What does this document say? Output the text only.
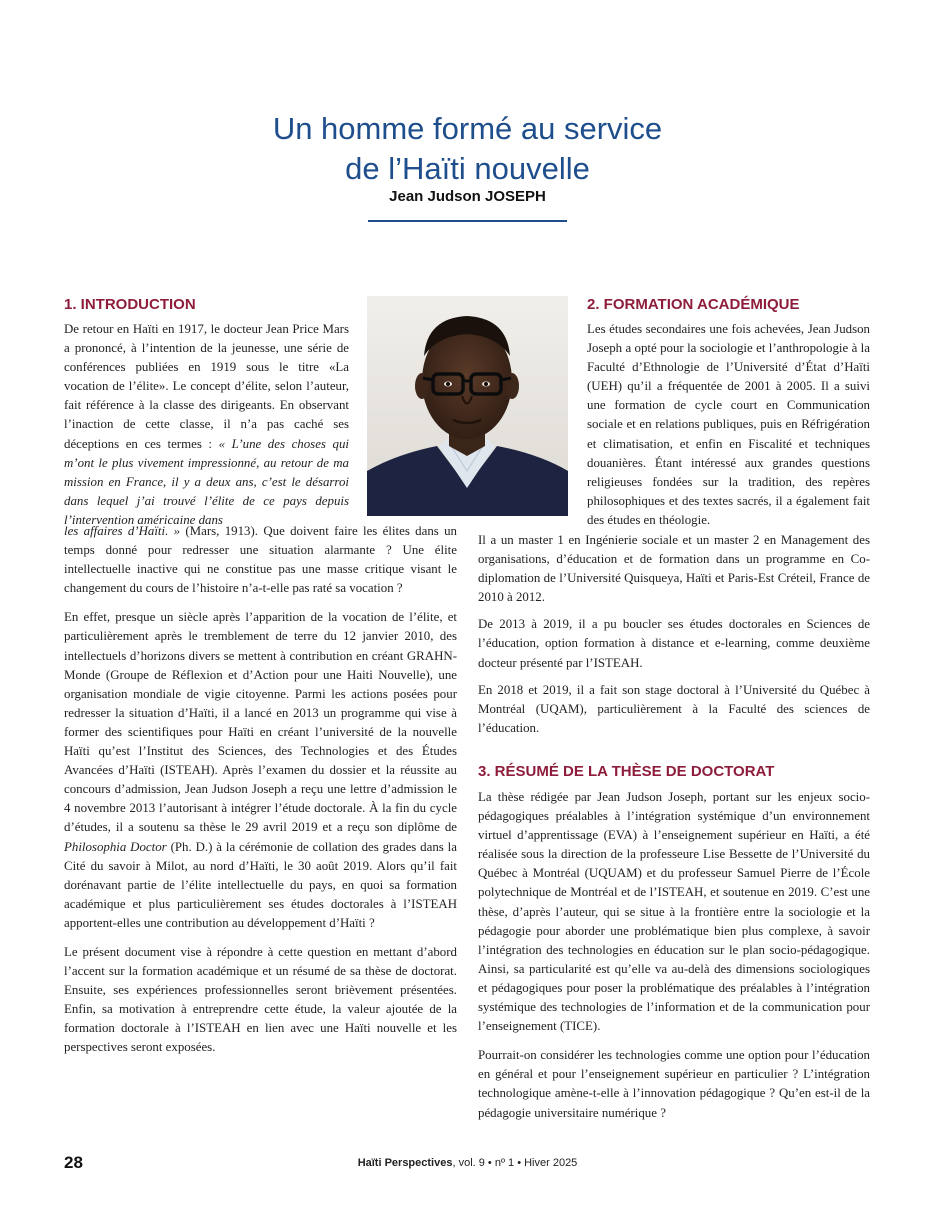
Un homme formé au service
de l’Haïti nouvelle
Jean Judson JOSEPH
1. INTRODUCTION

De retour en Haïti en 1917, le docteur Jean Price Mars a prononcé, à l’intention de la jeunesse, une série de conférences publiées en 1919 sous le titre «La vocation de l’élite». Le concept d’élite, selon l’auteur, fait référence à la classe des dirigeants. En observant l’inaction de cette classe, il n’a pas caché ses déceptions en ces termes : « L’une des choses qui m’ont le plus vivement impressionné, au retour de ma mission en France, il y a deux ans, c’est le désarroi dans lequel j’ai trouvé l’élite de ce pays depuis l’intervention américaine dans

les affaires d’Haïti. » (Mars, 1913). Que doivent faire les élites dans un temps donné pour redresser une situation alarmante ? Une élite intellectuelle inactive qui ne constitue pas une masse critique visant le changement du cours de l’histoire n’a-t-elle pas raté sa vocation ?

En effet, presque un siècle après l’apparition de la vocation de l’élite, et particulièrement après le tremblement de terre du 12 janvier 2010, des intellectuels d’horizons divers se mettent à contribution en créant GRAHN-Monde (Groupe de Réflexion et d’Action pour une Haiti Nouvelle), une organisation mondiale de vigie citoyenne. Parmi les actions posées pour redresser la situation d’Haïti, il a lancé en 2013 un programme qui vise à former des scientifiques pour Haïti en créant l’université de la nouvelle Haïti qu’est l’Institut des Sciences, des Technologies et des Études Avancées d’Haïti (ISTEAH). Après l’examen du dossier et la réussite au concours d’admission, Jean Judson Joseph a reçu une lettre d’admission le 4 novembre 2013 l’autorisant à intégrer l’étude doctorale. À la fin du cycle d’études, il a soutenu sa thèse le 29 avril 2019 et a reçu son diplôme de Philosophia Doctor (Ph. D.) à la cérémonie de collation des grades dans la Cité du savoir à Milot, au nord d’Haïti, le 30 août 2019. Alors qu’il fait dorénavant partie de l’élite intellectuelle du pays, en quoi sa formation académique et plus particulièrement ses études doctorales à l’ISTEAH apportent-elles une contribution au développement d’Haïti ?

Le présent document vise à répondre à cette question en mettant d’abord l’accent sur la formation académique et un résumé de sa thèse de doctorat. Ensuite, ses expériences professionnelles seront brièvement présentées. Enfin, sa motivation à entreprendre cette étude, la valeur ajoutée de la formation doctorale à l’ISTEAH en lien avec une Haïti nouvelle et les perspectives seront exposées.

2. FORMATION ACADÉMIQUE

Les études secondaires une fois achevées, Jean Judson Joseph a opté pour la sociologie et l’anthropologie à la Faculté d’Ethnologie de l’Université d’État d’Haïti (UEH) qu’il a fréquentée de 2001 à 2005. Il a suivi une formation de cycle court en Communication sociale et en relations publiques, puis en Réfrigération et climatisation, et enfin en Fiscalité et techniques douanières. Étant intéressé aux grandes questions religieuses fondées sur la tradition, des repères philosophiques et des textes sacrés, il a également fait des études en théologie.

Il a un master 1 en Ingénierie sociale et un master 2 en Management des organisations, d’éducation et de formation dans un programme en Co-diplomation de l’Université Quisqueya, Haïti et Paris-Est Créteil, France de 2010 à 2012.

De 2013 à 2019, il a pu boucler ses études doctorales en Sciences de l’éducation, option formation à distance et e-learning, comme deuxième docteur présenté par l’ISTEAH.

En 2018 et 2019, il a fait son stage doctoral à l’Université du Québec à Montréal (UQAM), particulièrement à la Faculté des sciences de l’éducation.

3. RÉSUMÉ DE LA THÈSE DE DOCTORAT

La thèse rédigée par Jean Judson Joseph, portant sur les enjeux socio-pédagogiques préalables à l’intégration systémique d’un environnement virtuel d’apprentissage (EVA) à l’enseignement supérieur en Haïti, a été réalisée sous la direction de la professeure Lise Bessette de l’Université du Québec à Montréal (UQUAM) et du professeur Samuel Pierre de l’École polytechnique de Montréal et de l’ISTEAH, et soutenue en 2019. C’est une thèse, d’après l’auteur, qui se situe à la frontière entre la sociologie et la pédagogie pour aborder une problématique bien plus complexe, à savoir l’intégration des technologies en éducation sur le plan socio-pédagogique. Ainsi, sa particularité est qu’elle va au-delà des dimensions sociologiques et pédagogiques pour poser la problématique des préalables à l’intégration systémique des technologies de l’information et de la communication pour l’enseignement (TICE).

Pourrait-on considérer les technologies comme une option pour l’éducation en général et pour l’enseignement supérieur en particulier ? L’intégration technologique amène-t-elle à l’innovation pédagogique ? Qu’en est-il de la pédagogie universitaire numérique ?

28	Haïti Perspectives, vol. 9 • nº 1 • Hiver 2025
